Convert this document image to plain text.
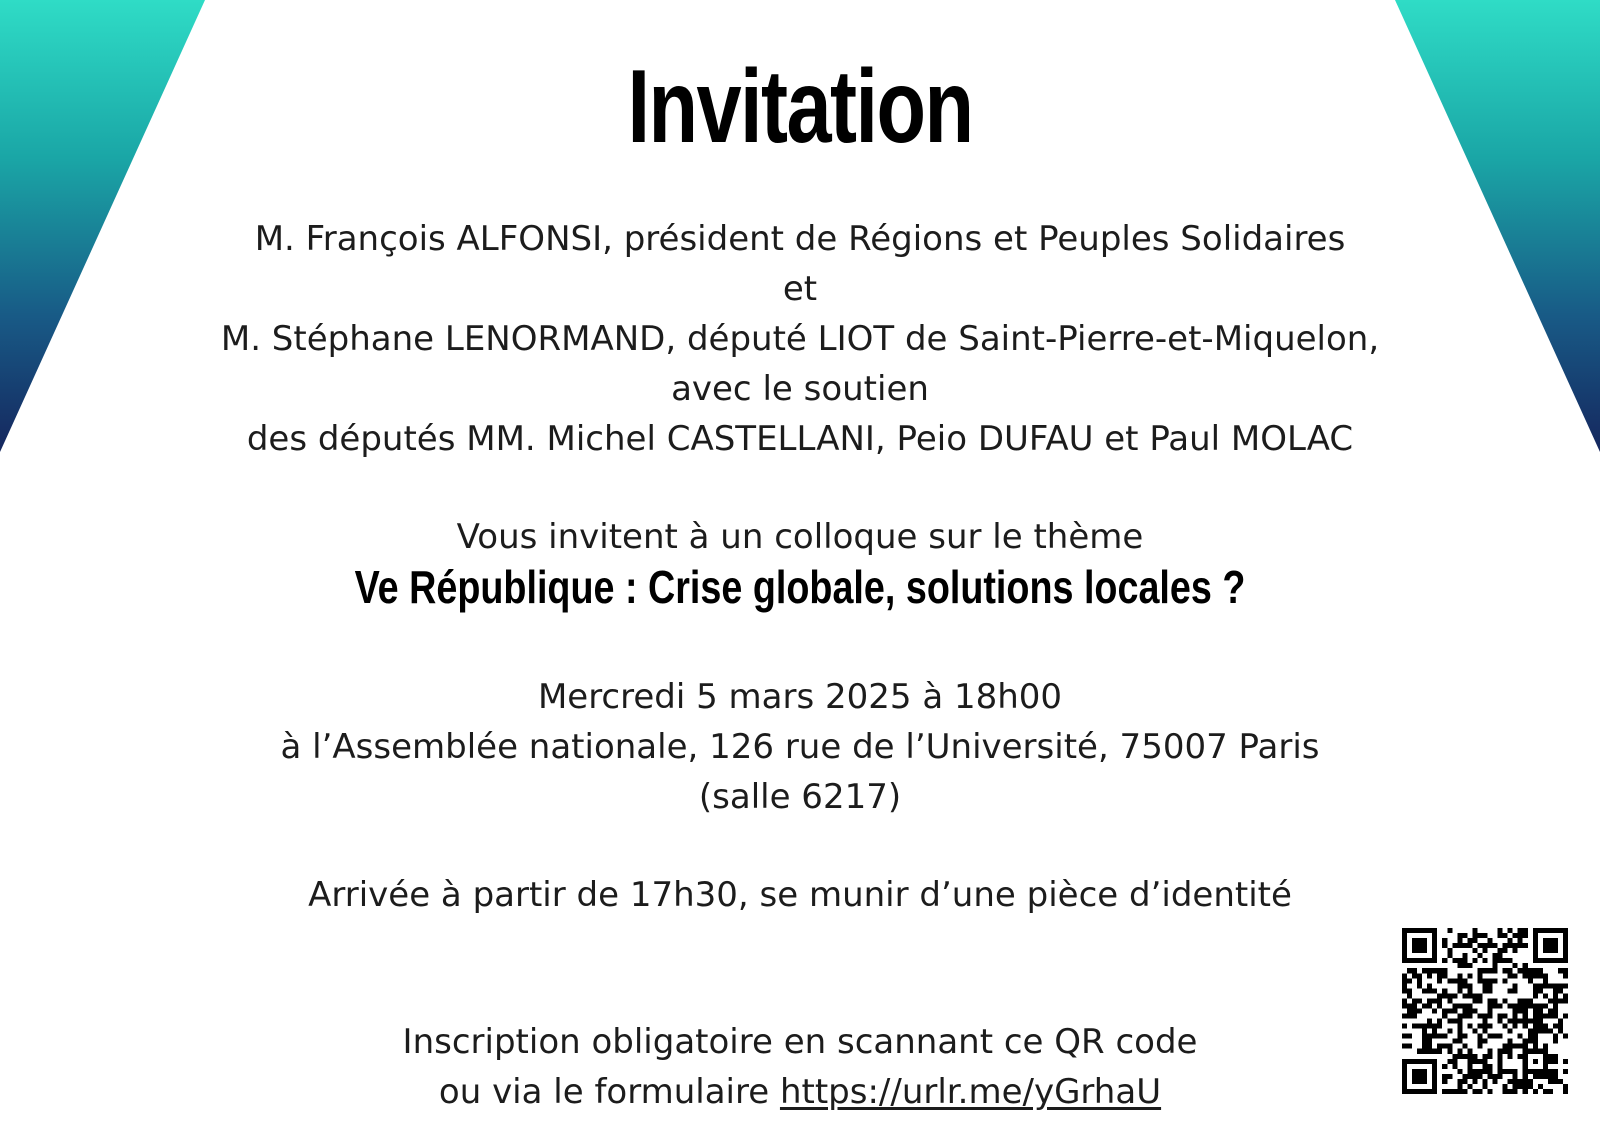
Invitation
M. François ALFONSI, président de Régions et Peuples Solidaires
et
M. Stéphane LENORMAND, député LIOT de Saint-Pierre-et-Miquelon,
avec le soutien
des députés MM. Michel CASTELLANI, Peio DUFAU et Paul MOLAC
Vous invitent à un colloque sur le thème
Ve République : Crise globale, solutions locales ?
Mercredi 5 mars 2025 à 18h00
à l’Assemblée nationale, 126 rue de l’Université, 75007 Paris
(salle 6217)
Arrivée à partir de 17h30, se munir d’une pièce d’identité
Inscription obligatoire en scannant ce QR code
ou via le formulaire https://urlr.me/yGrhaU
